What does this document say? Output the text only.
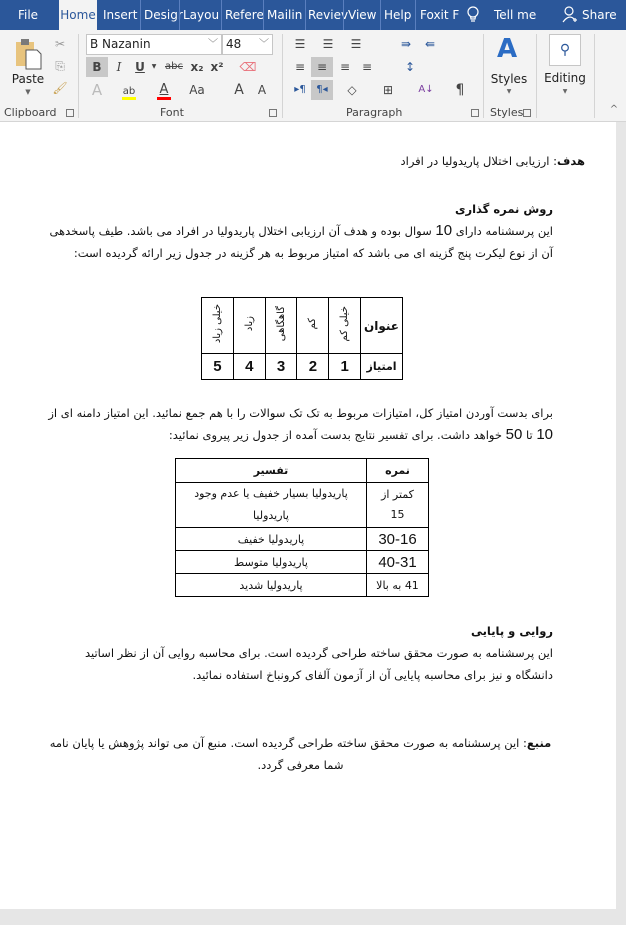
File	Home Insert Desigr Layou Refere Mailin Reviev View Help Foxit F	Tell me	Share
Paste
▼
✂
⎘
🖌
Clipboard
B Nazanin	﹀ 48 ﹀
B	I	U	▼ abc x₂ x² ⌫
A	ab	A	Aa A	A
Font
☰	☰	☰	⇛	⇚
≡ ≡	≡ ≡	↕
▸¶	¶◂	◇	⊞	A↓	¶
Paragraph
A
Styles
▼
Styles
⚲
Editing
▼
^
هدف: ارزیابی اختلال پاریدولیا در افراد
روش نمره گذاری
این پرسشنامه دارای 10 سوال بوده و هدف آن ارزیابی اختلال پاریدولیا در افراد می باشد. طیف پاسخدهی آن از نوع لیکرت پنج گزینه ای می باشد که امتیاز مربوط به هر گزینه در جدول زیر ارائه گردیده است:
عنوان	خیلی کم	کم	گاهگاهی	زیاد	خیلی زیاد
امتیاز	1	2	3	4	5
برای بدست آوردن امتیاز کل، امتیازات مربوط به تک تک سوالات را با هم جمع نمائید. این امتیاز دامنه ای از 10 تا 50 خواهد داشت. برای تفسیر نتایج بدست آمده از جدول زیر پیروی نمائید:
نمره	تفسیر
کمتر از 15	پاریدولیا بسیار خفیف یا عدم وجود پاریدولیا
30-16	پاریدولیا خفیف
40-31	پاریدولیا متوسط
41 به بالا	پاریدولیا شدید
روایی و پایایی
این پرسشنامه به صورت محقق ساخته طراحی گردیده است. برای محاسبه روایی آن از نظر اساتید دانشگاه و نیز برای محاسبه پایایی آن از آزمون آلفای کرونباخ استفاده نمائید.
منبع: این پرسشنامه به صورت محقق ساخته طراحی گردیده است. منبع آن می تواند پژوهش یا پایان نامه شما معرفی گردد.
